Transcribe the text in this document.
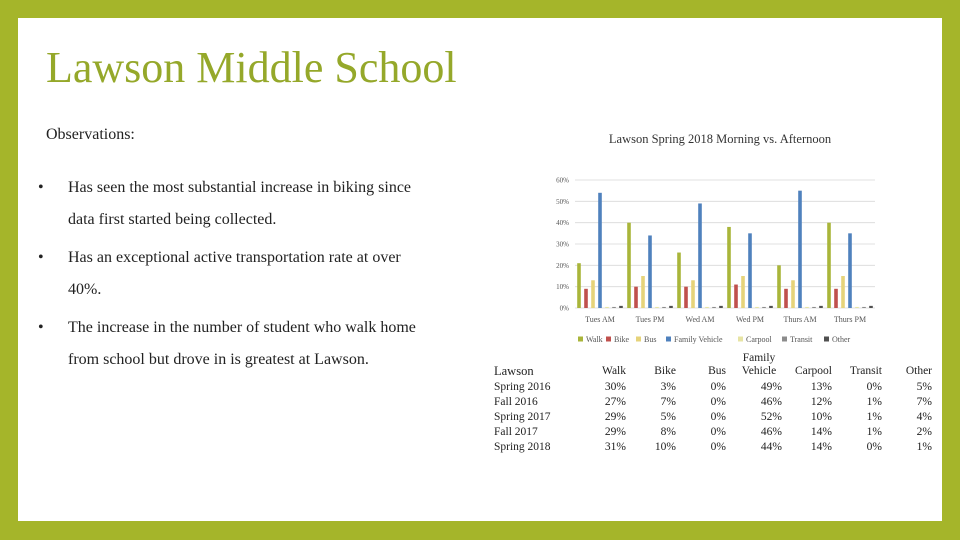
Lawson Middle School
Observations:
• Has seen the most substantial increase in biking since
data first started being collected.
• Has an exceptional active transportation rate at over
40%.
• The increase in the number of student who walk home
from school but drove in is greatest at Lawson.
Lawson Spring 2018 Morning vs. Afternoon
0%
10%
20%
30%
40%
50%
60%
Tues AM	Tues PM	Wed AM	Wed PM Thurs AM Thurs PM
Walk Bike Bus Family Vehicle	Carpool Transit Other
Lawson	Walk	Bike	Bus	Family Vehicle	Carpool	Transit	Other
Spring 2016	30%	3%	0%	49%	13%	0%	5%
Fall 2016	27%	7%	0%	46%	12%	1%	7%
Spring 2017	29%	5%	0%	52%	10%	1%	4%
Fall 2017	29%	8%	0%	46%	14%	1%	2%
Spring 2018	31%	10%	0%	44%	14%	0%	1%
